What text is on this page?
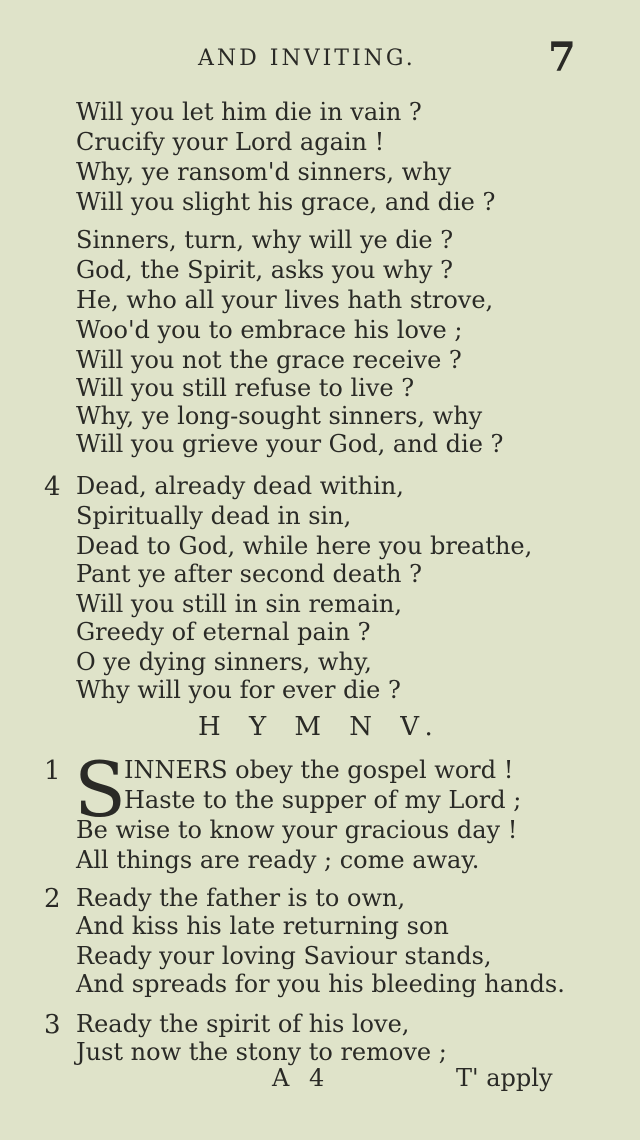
AND INVITING.	7
Will you let him die in vain ?
Crucify your Lord again !
Why, ye ransom'd sinners, why
Will you slight his grace, and die ?
Sinners, turn, why will ye die ?
God, the Spirit, asks you why ?
He, who all your lives hath strove,
Woo'd you to embrace his love ;
Will you not the grace receive ?
Will you still refuse to live ?
Why, ye long-sought sinners, why
Will you grieve your God, and die ?
4 Dead, already dead within,
Spiritually dead in sin,
Dead to God, while here you breathe,
Pant ye after second death ?
Will you still in sin remain,
Greedy of eternal pain ?
O ye dying sinners, why,
Why will you for ever die ?
H Y M N V.
1 S
INNERS obey the gospel word !
Haste to the supper of my Lord ;
Be wise to know your gracious day !
All things are ready ; come away.
2 Ready the father is to own,
And kiss his late returning son
Ready your loving Saviour stands,
And spreads for you his bleeding hands.
3 Ready the spirit of his love,
Just now the stony to remove ;
A 4	T' apply
